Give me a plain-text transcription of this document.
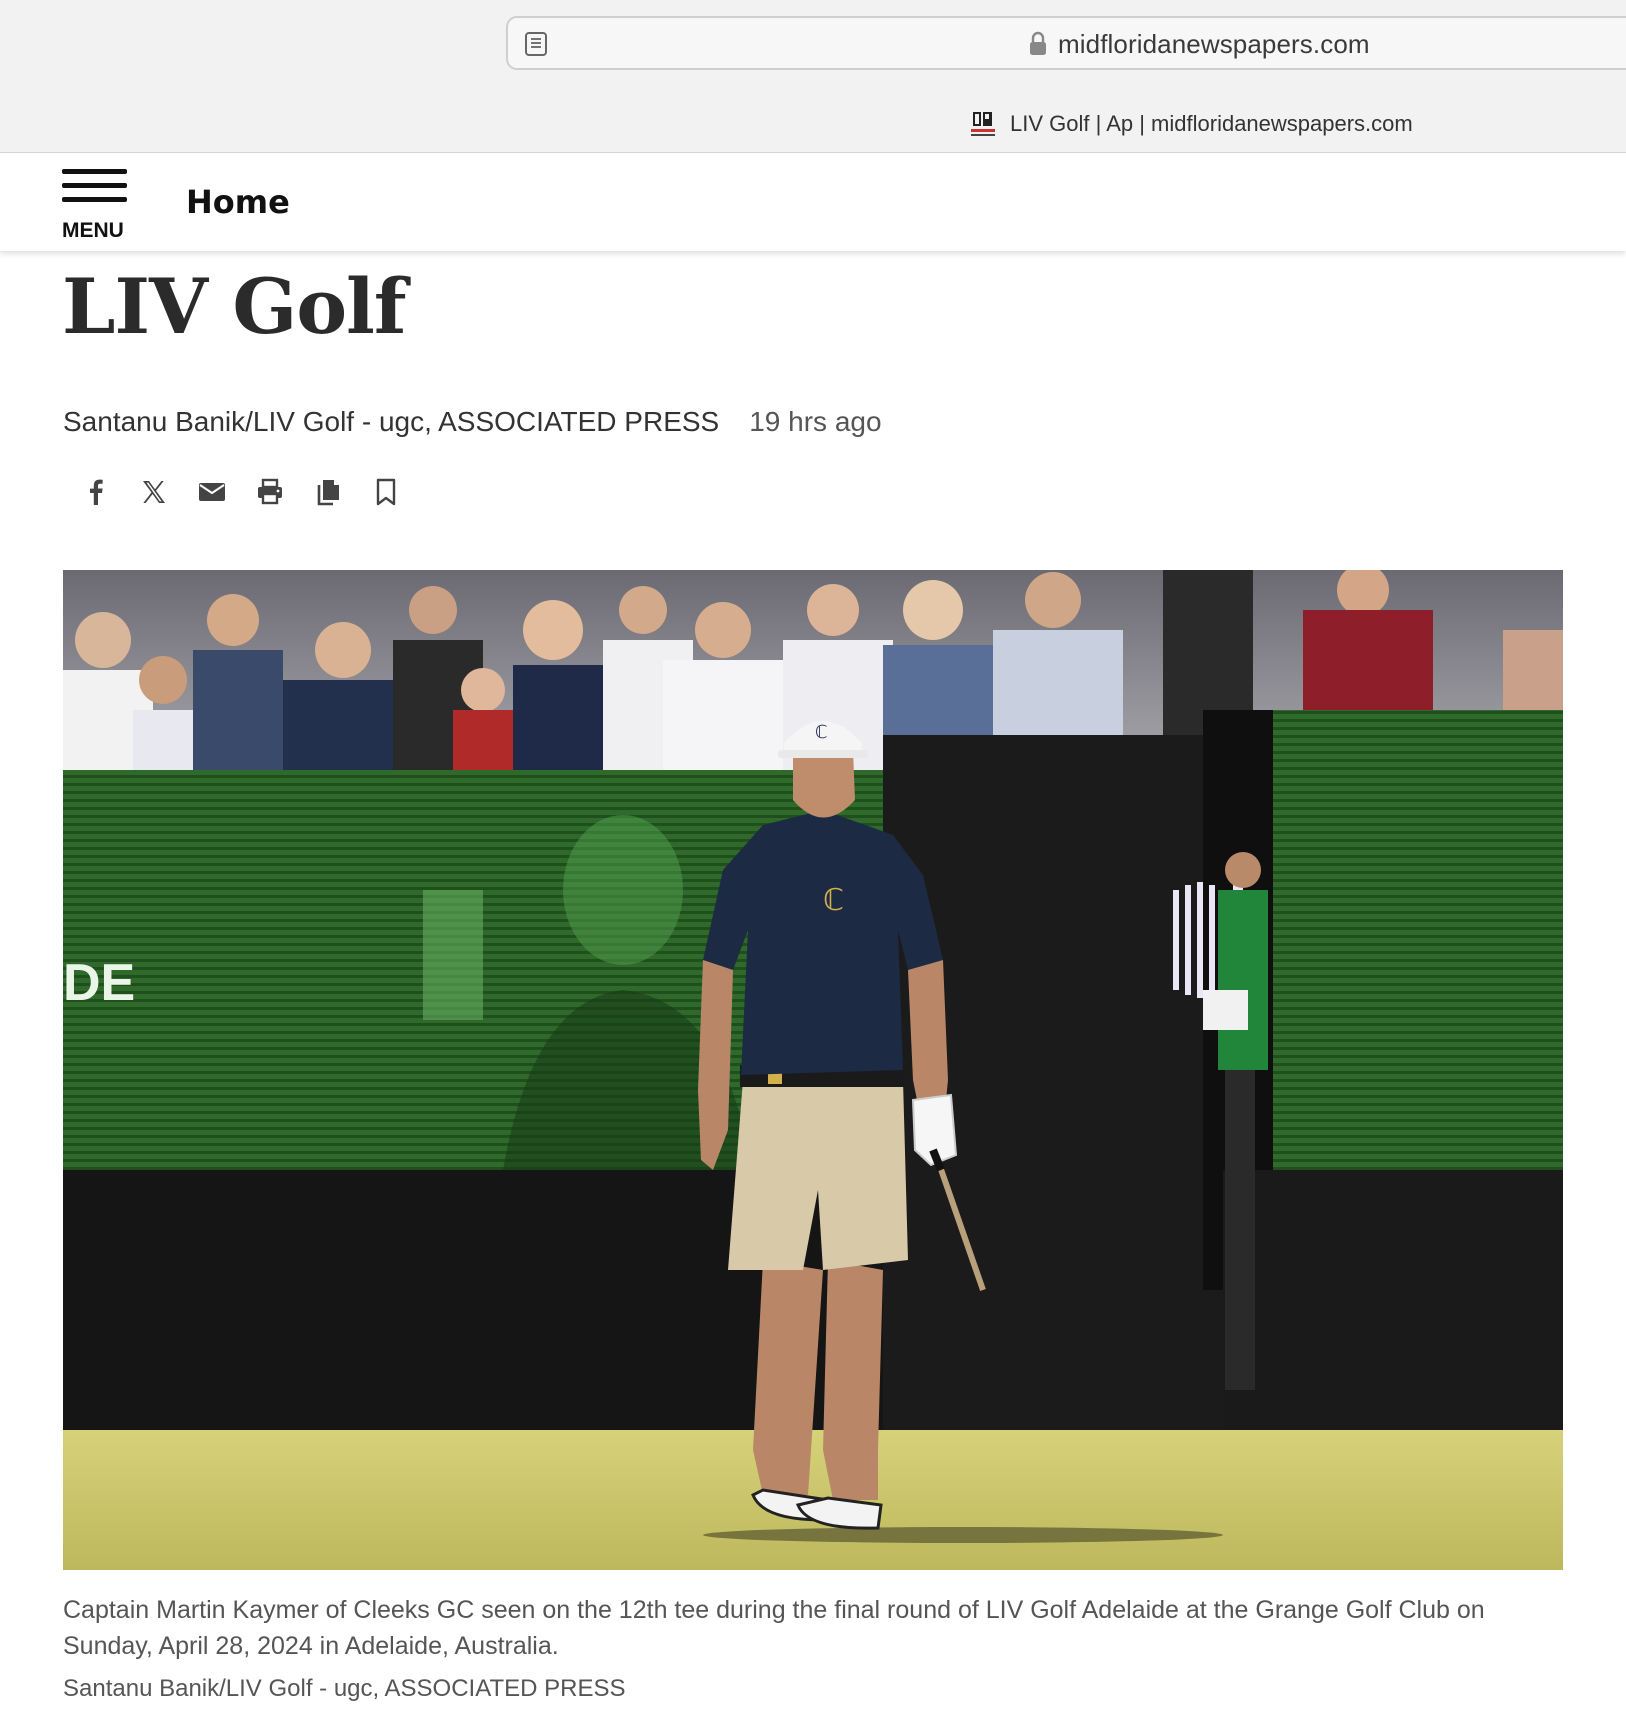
midfloridanewspapers.com
LIV Golf | Ap | midfloridanewspapers.com
MENU
Home
LIV Golf
Santanu Banik/LIV Golf - ugc, ASSOCIATED PRESS 19 hrs ago
DE
ℂ
ℂ

Captain Martin Kaymer of Cleeks GC seen on the 12th tee during the final round of LIV Golf Adelaide at the Grange Golf Club on Sunday, April 28, 2024 in Adelaide, Australia.

Santanu Banik/LIV Golf - ugc, ASSOCIATED PRESS
